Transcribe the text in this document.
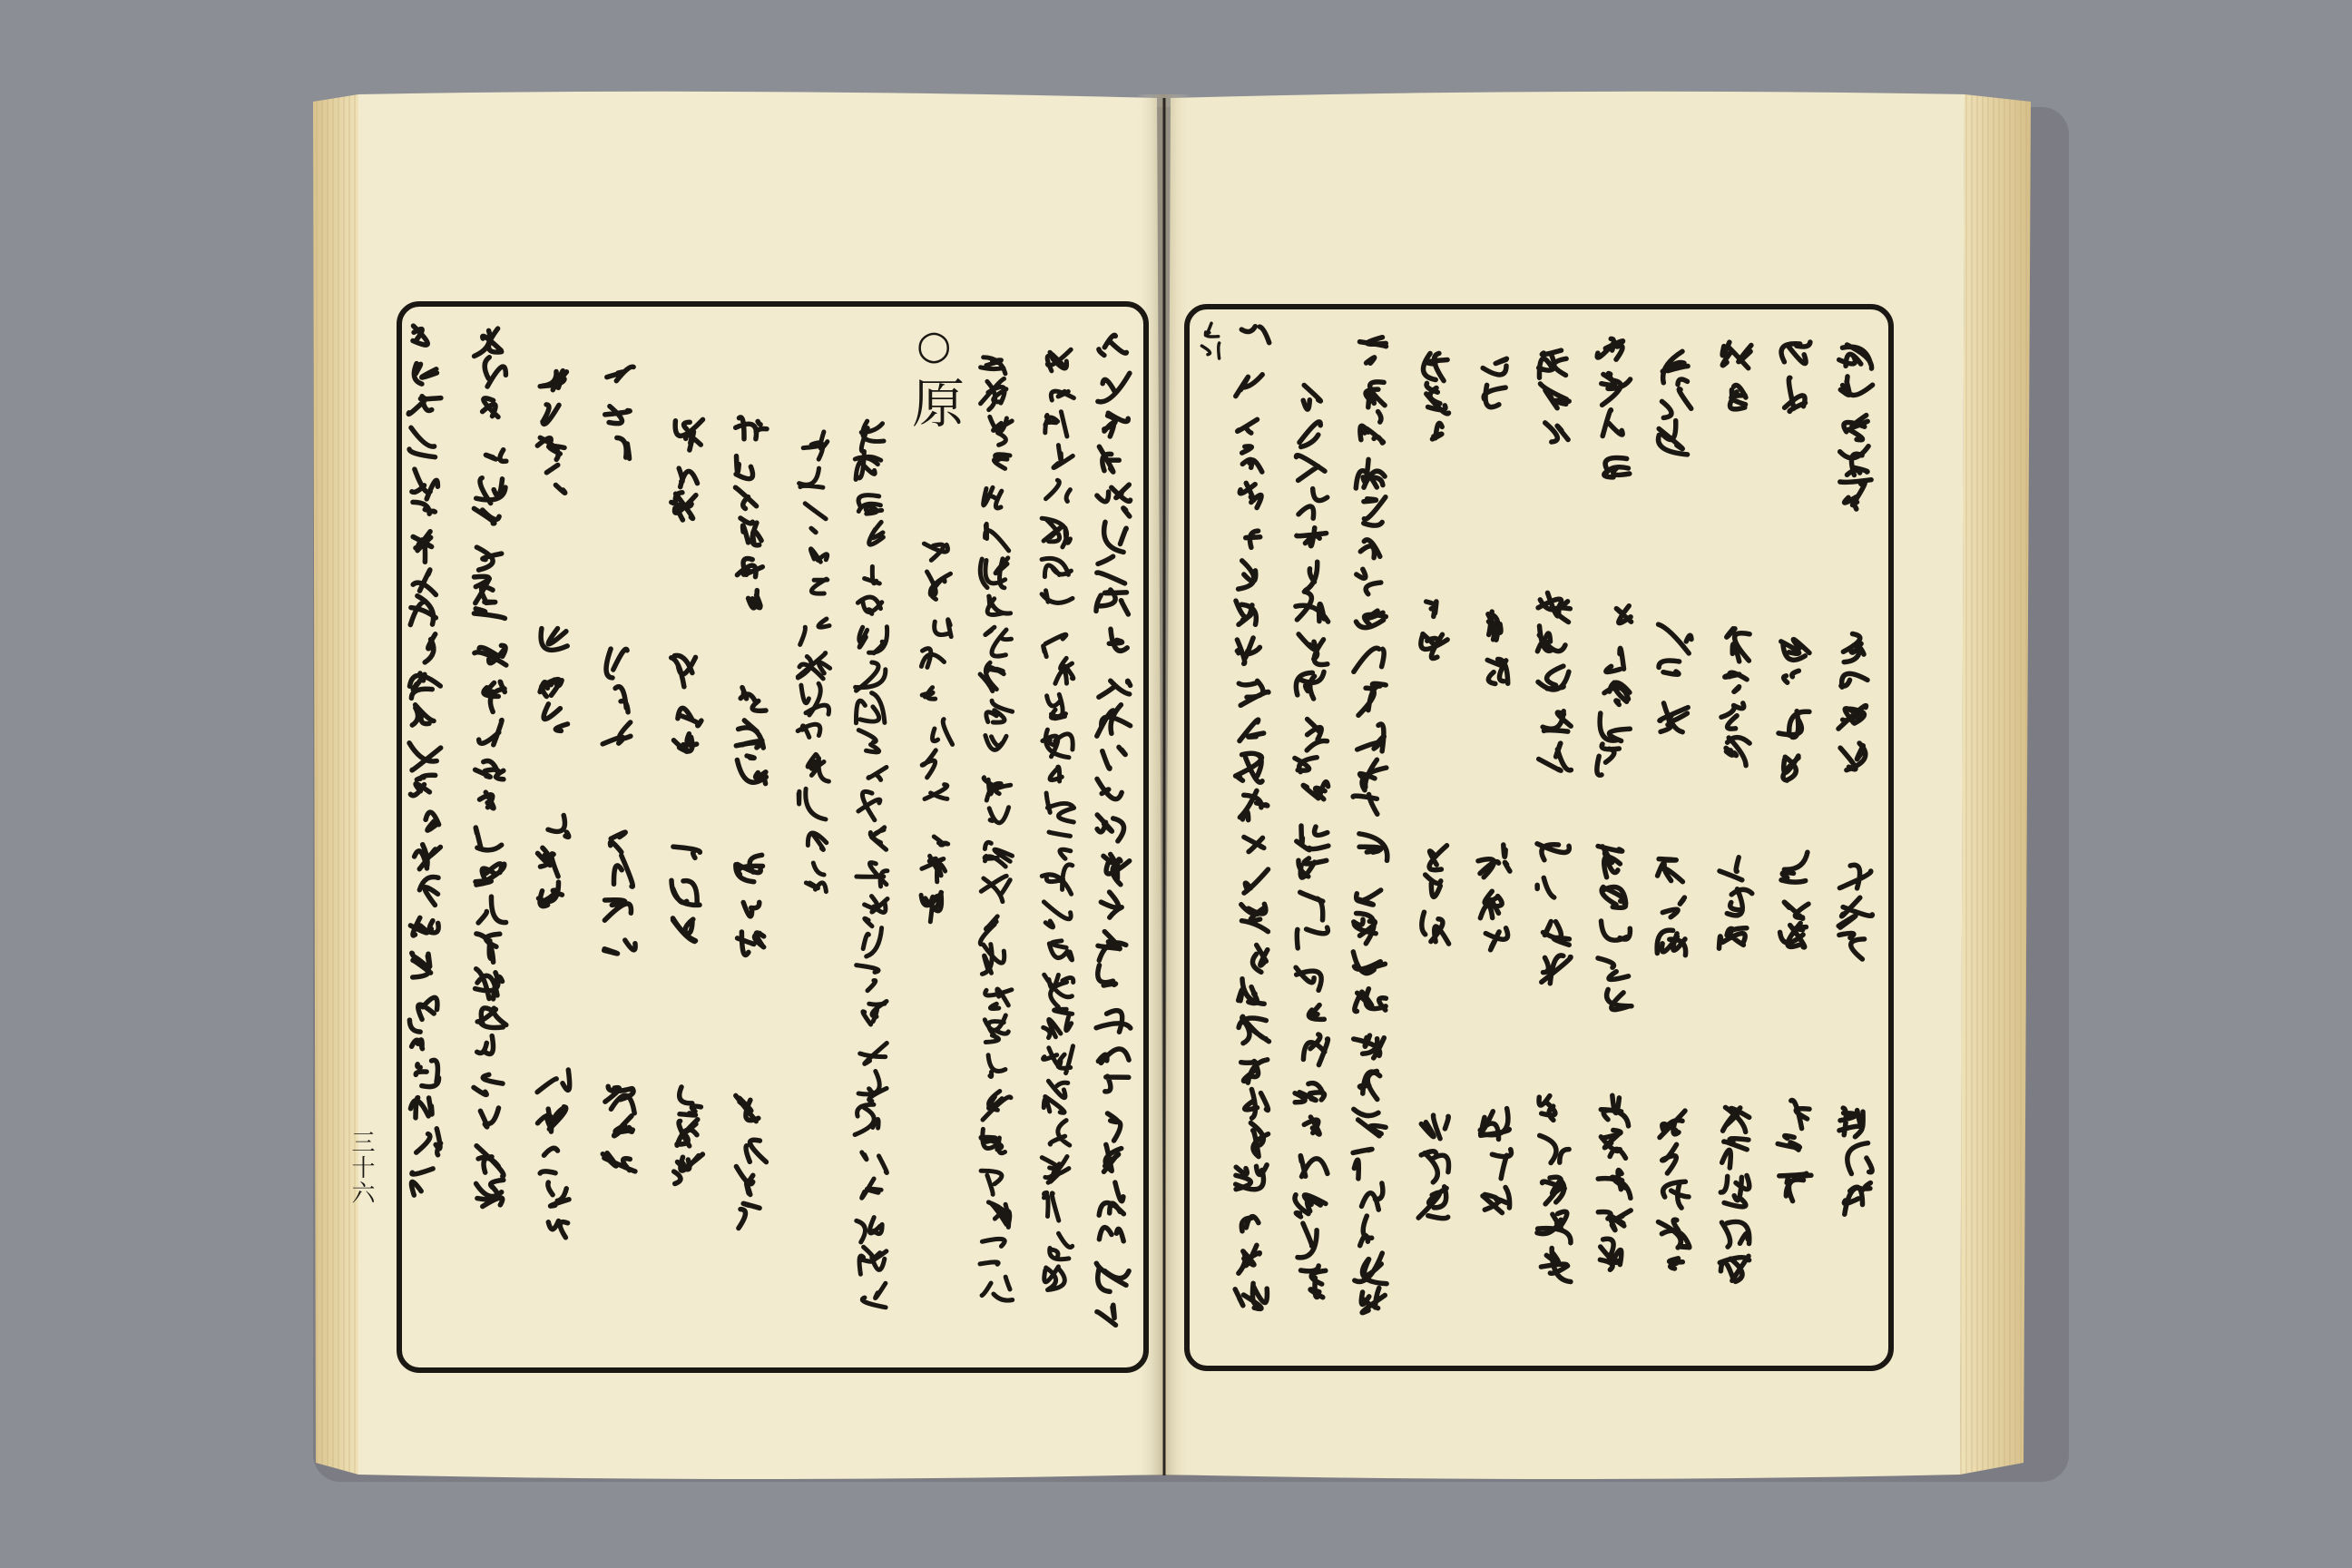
三十六
○
原
